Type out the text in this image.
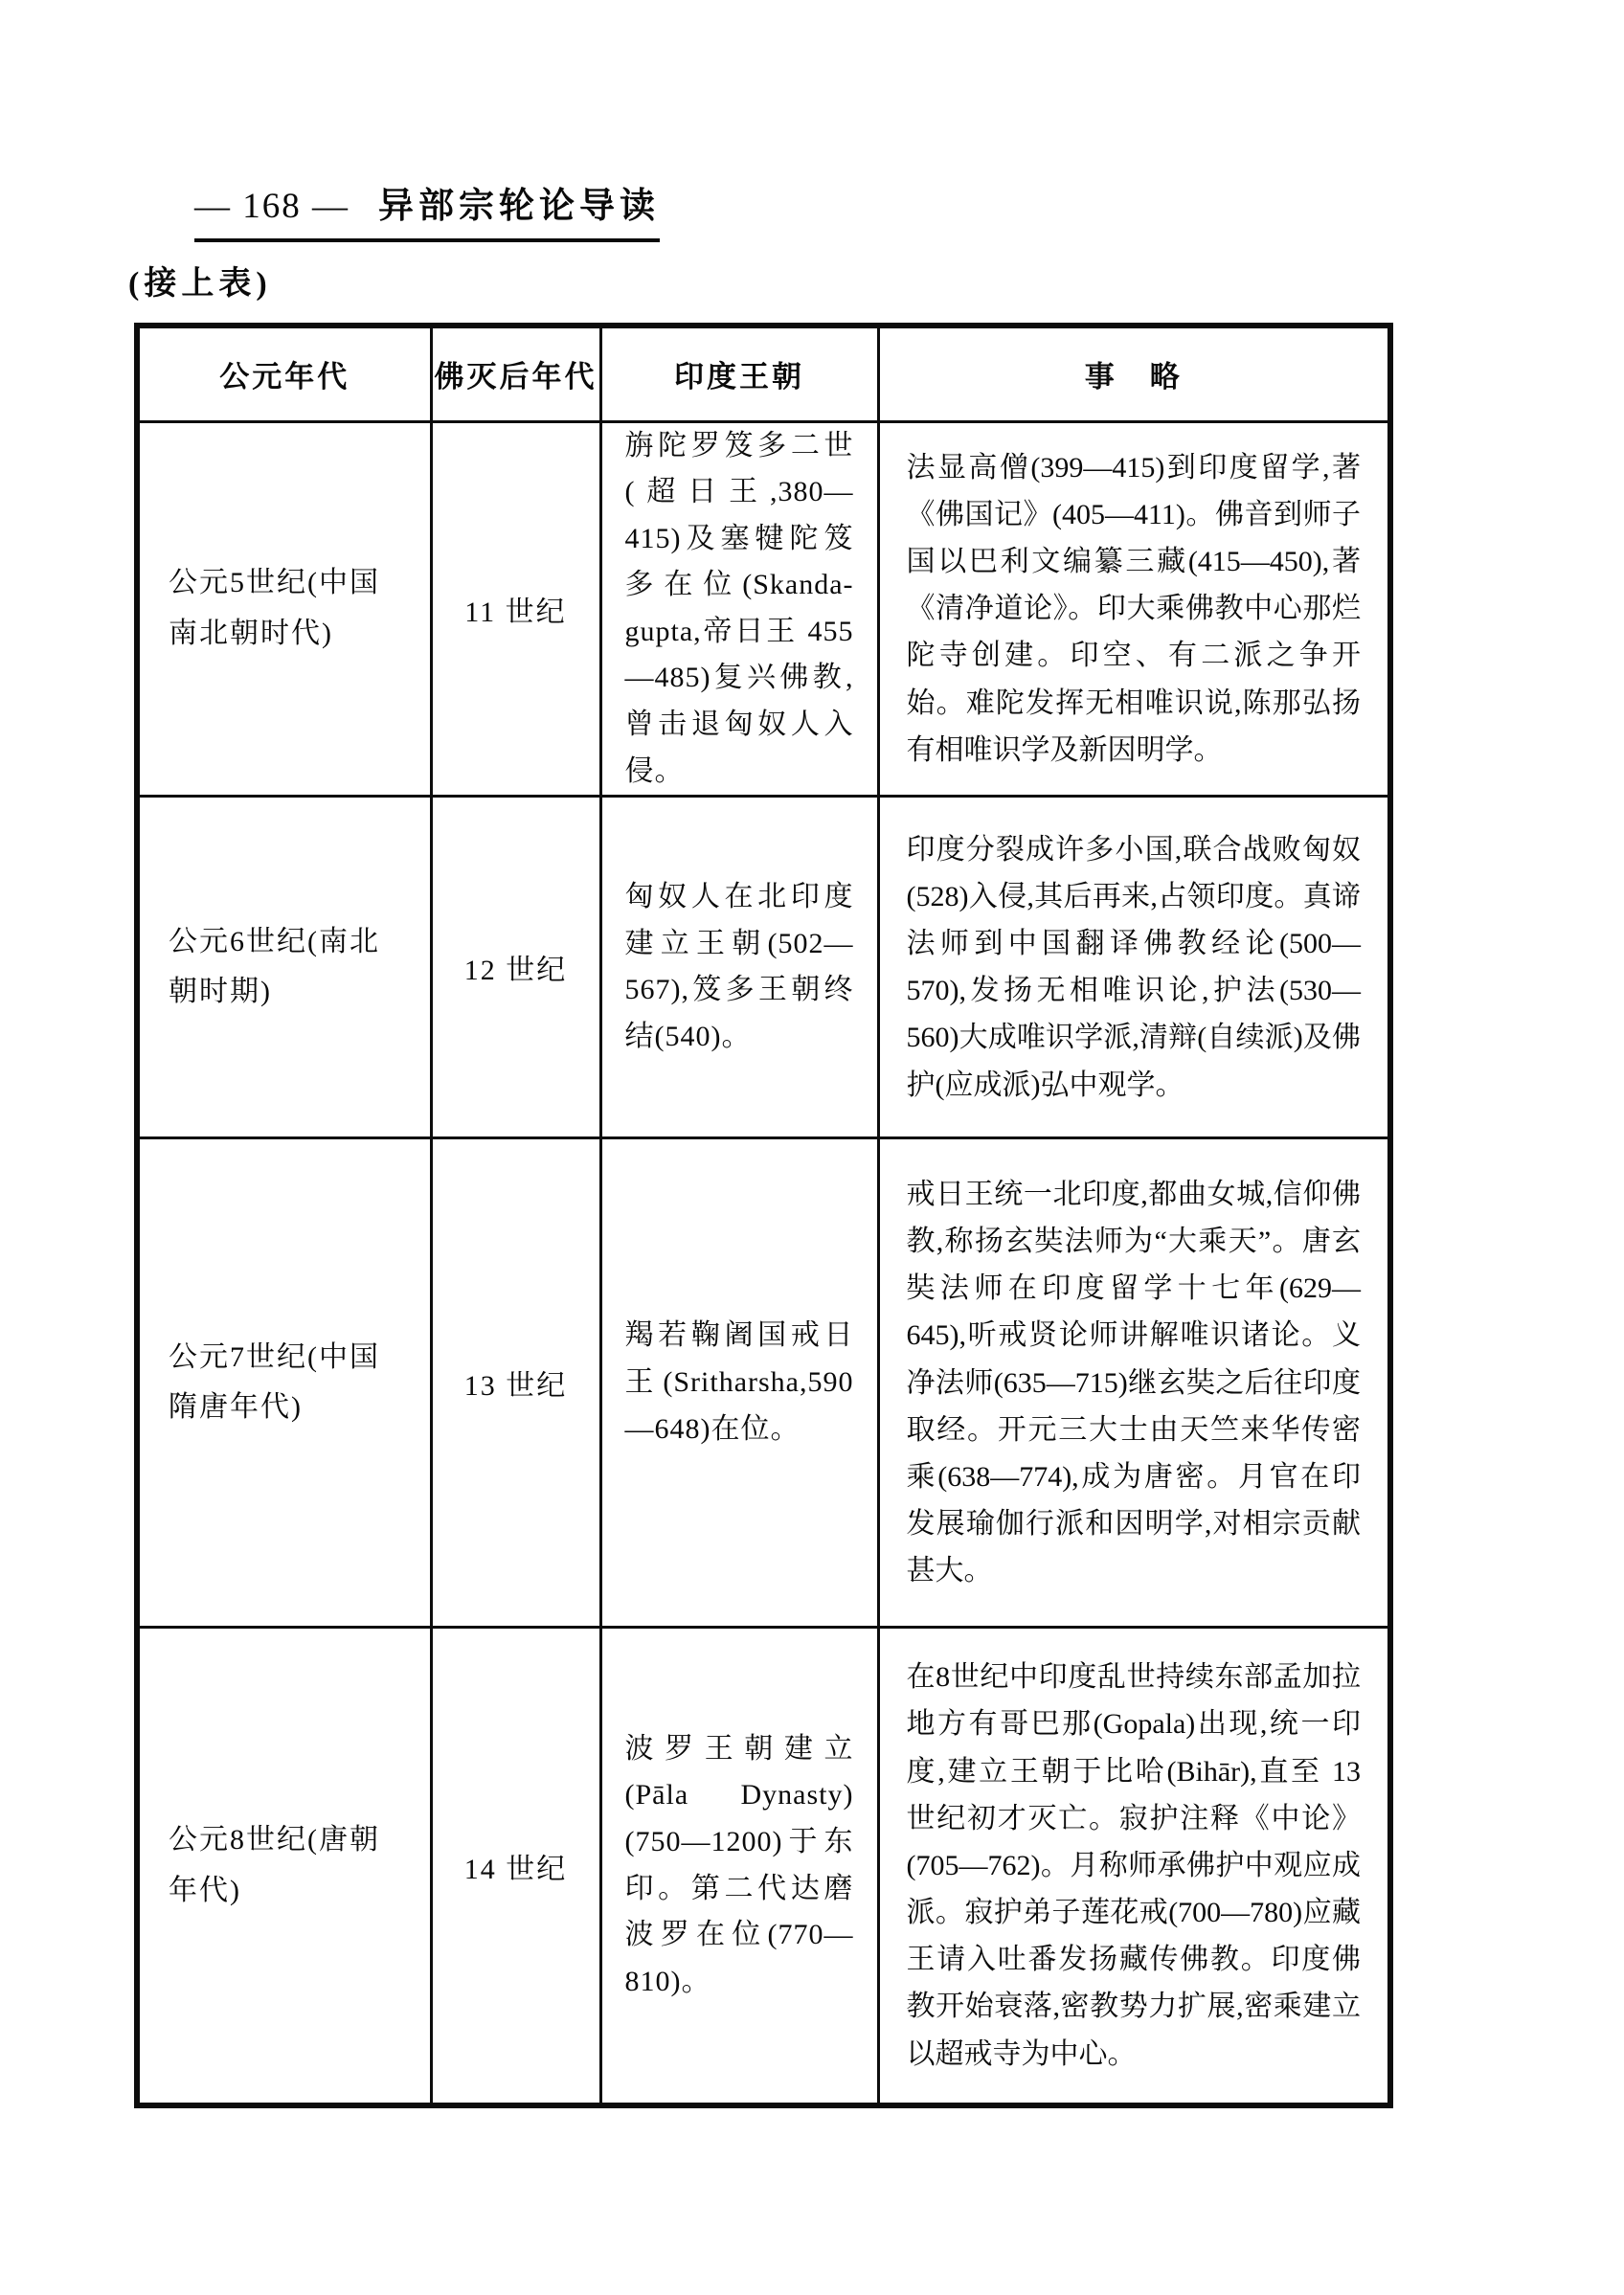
— 168 — 异部宗轮论导读
(接上表)
公元年代	佛灭后年代	印度王朝	事　略
公元5世纪(中国南北朝时代)	11 世纪	旃陀罗笈多二世(超日王,380—415)及塞犍陀笈多在位(Skanda-gupta,帝日王 455—485)复兴佛教,曾击退匈奴人入侵。	法显高僧(399—415)到印度留学,著《佛国记》(405—411)。佛音到师子国以巴利文编纂三藏(415—450),著《清净道论》。印大乘佛教中心那烂陀寺创建。印空、有二派之争开始。难陀发挥无相唯识说,陈那弘扬有相唯识学及新因明学。
公元6世纪(南北朝时期)	12 世纪	匈奴人在北印度建立王朝(502—567),笈多王朝终结(540)。	印度分裂成许多小国,联合战败匈奴(528)入侵,其后再来,占领印度。真谛法师到中国翻译佛教经论(500—570),发扬无相唯识论,护法(530—560)大成唯识学派,清辩(自续派)及佛护(应成派)弘中观学。
公元7世纪(中国隋唐年代)	13 世纪	羯若鞠阇国戒日王 (Sritharsha,590—648)在位。	戒日王统一北印度,都曲女城,信仰佛教,称扬玄奘法师为“大乘天”。唐玄奘法师在印度留学十七年(629—645),听戒贤论师讲解唯识诸论。义净法师(635—715)继玄奘之后往印度取经。开元三大士由天竺来华传密乘(638—774),成为唐密。月官在印发展瑜伽行派和因明学,对相宗贡献甚大。
公元8世纪(唐朝年代)	14 世纪	波罗王朝建立 (Pāla Dynasty) (750—1200)于东印。第二代达磨波罗在位(770—810)。	在8世纪中印度乱世持续东部孟加拉地方有哥巴那(Gopala)出现,统一印度,建立王朝于比哈(Bihār),直至 13 世纪初才灭亡。寂护注释《中论》(705—762)。月称师承佛护中观应成派。寂护弟子莲花戒(700—780)应藏王请入吐番发扬藏传佛教。印度佛教开始衰落,密教势力扩展,密乘建立以超戒寺为中心。
